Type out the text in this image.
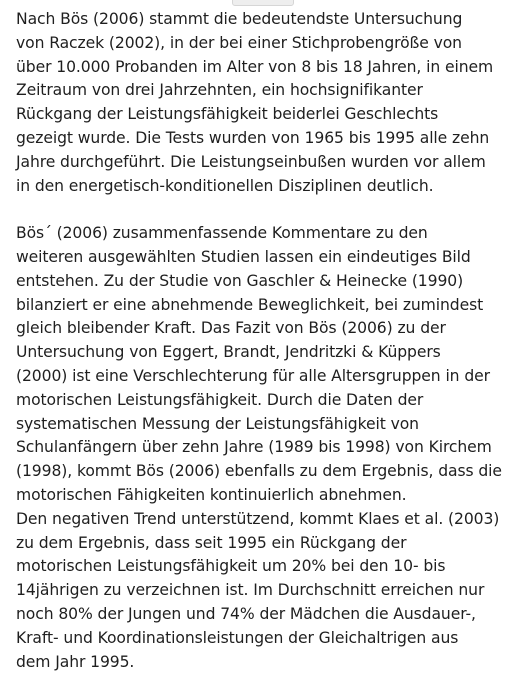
Nach Bös (2006) stammt die bedeutendste Untersuchung
von Raczek (2002), in der bei einer Stichprobengröße von
über 10.000 Probanden im Alter von 8 bis 18 Jahren, in einem
Zeitraum von drei Jahrzehnten, ein hochsignifikanter
Rückgang der Leistungsfähigkeit beiderlei Geschlechts
gezeigt wurde. Die Tests wurden von 1965 bis 1995 alle zehn
Jahre durchgeführt. Die Leistungseinbußen wurden vor allem
in den energetisch-konditionellen Disziplinen deutlich.

Bös´ (2006) zusammenfassende Kommentare zu den
weiteren ausgewählten Studien lassen ein eindeutiges Bild
entstehen. Zu der Studie von Gaschler & Heinecke (1990)
bilanziert er eine abnehmende Beweglichkeit, bei zumindest
gleich bleibender Kraft. Das Fazit von Bös (2006) zu der
Untersuchung von Eggert, Brandt, Jendritzki & Küppers
(2000) ist eine Verschlechterung für alle Altersgruppen in der
motorischen Leistungsfähigkeit. Durch die Daten der
systematischen Messung der Leistungsfähigkeit von
Schulanfängern über zehn Jahre (1989 bis 1998) von Kirchem
(1998), kommt Bös (2006) ebenfalls zu dem Ergebnis, dass die
motorischen Fähigkeiten kontinuierlich abnehmen.

Den negativen Trend unterstützend, kommt Klaes et al. (2003)
zu dem Ergebnis, dass seit 1995 ein Rückgang der
motorischen Leistungsfähigkeit um 20% bei den 10- bis
14jährigen zu verzeichnen ist. Im Durchschnitt erreichen nur
noch 80% der Jungen und 74% der Mädchen die Ausdauer-,
Kraft- und Koordinationsleistungen der Gleichaltrigen aus
dem Jahr 1995.
